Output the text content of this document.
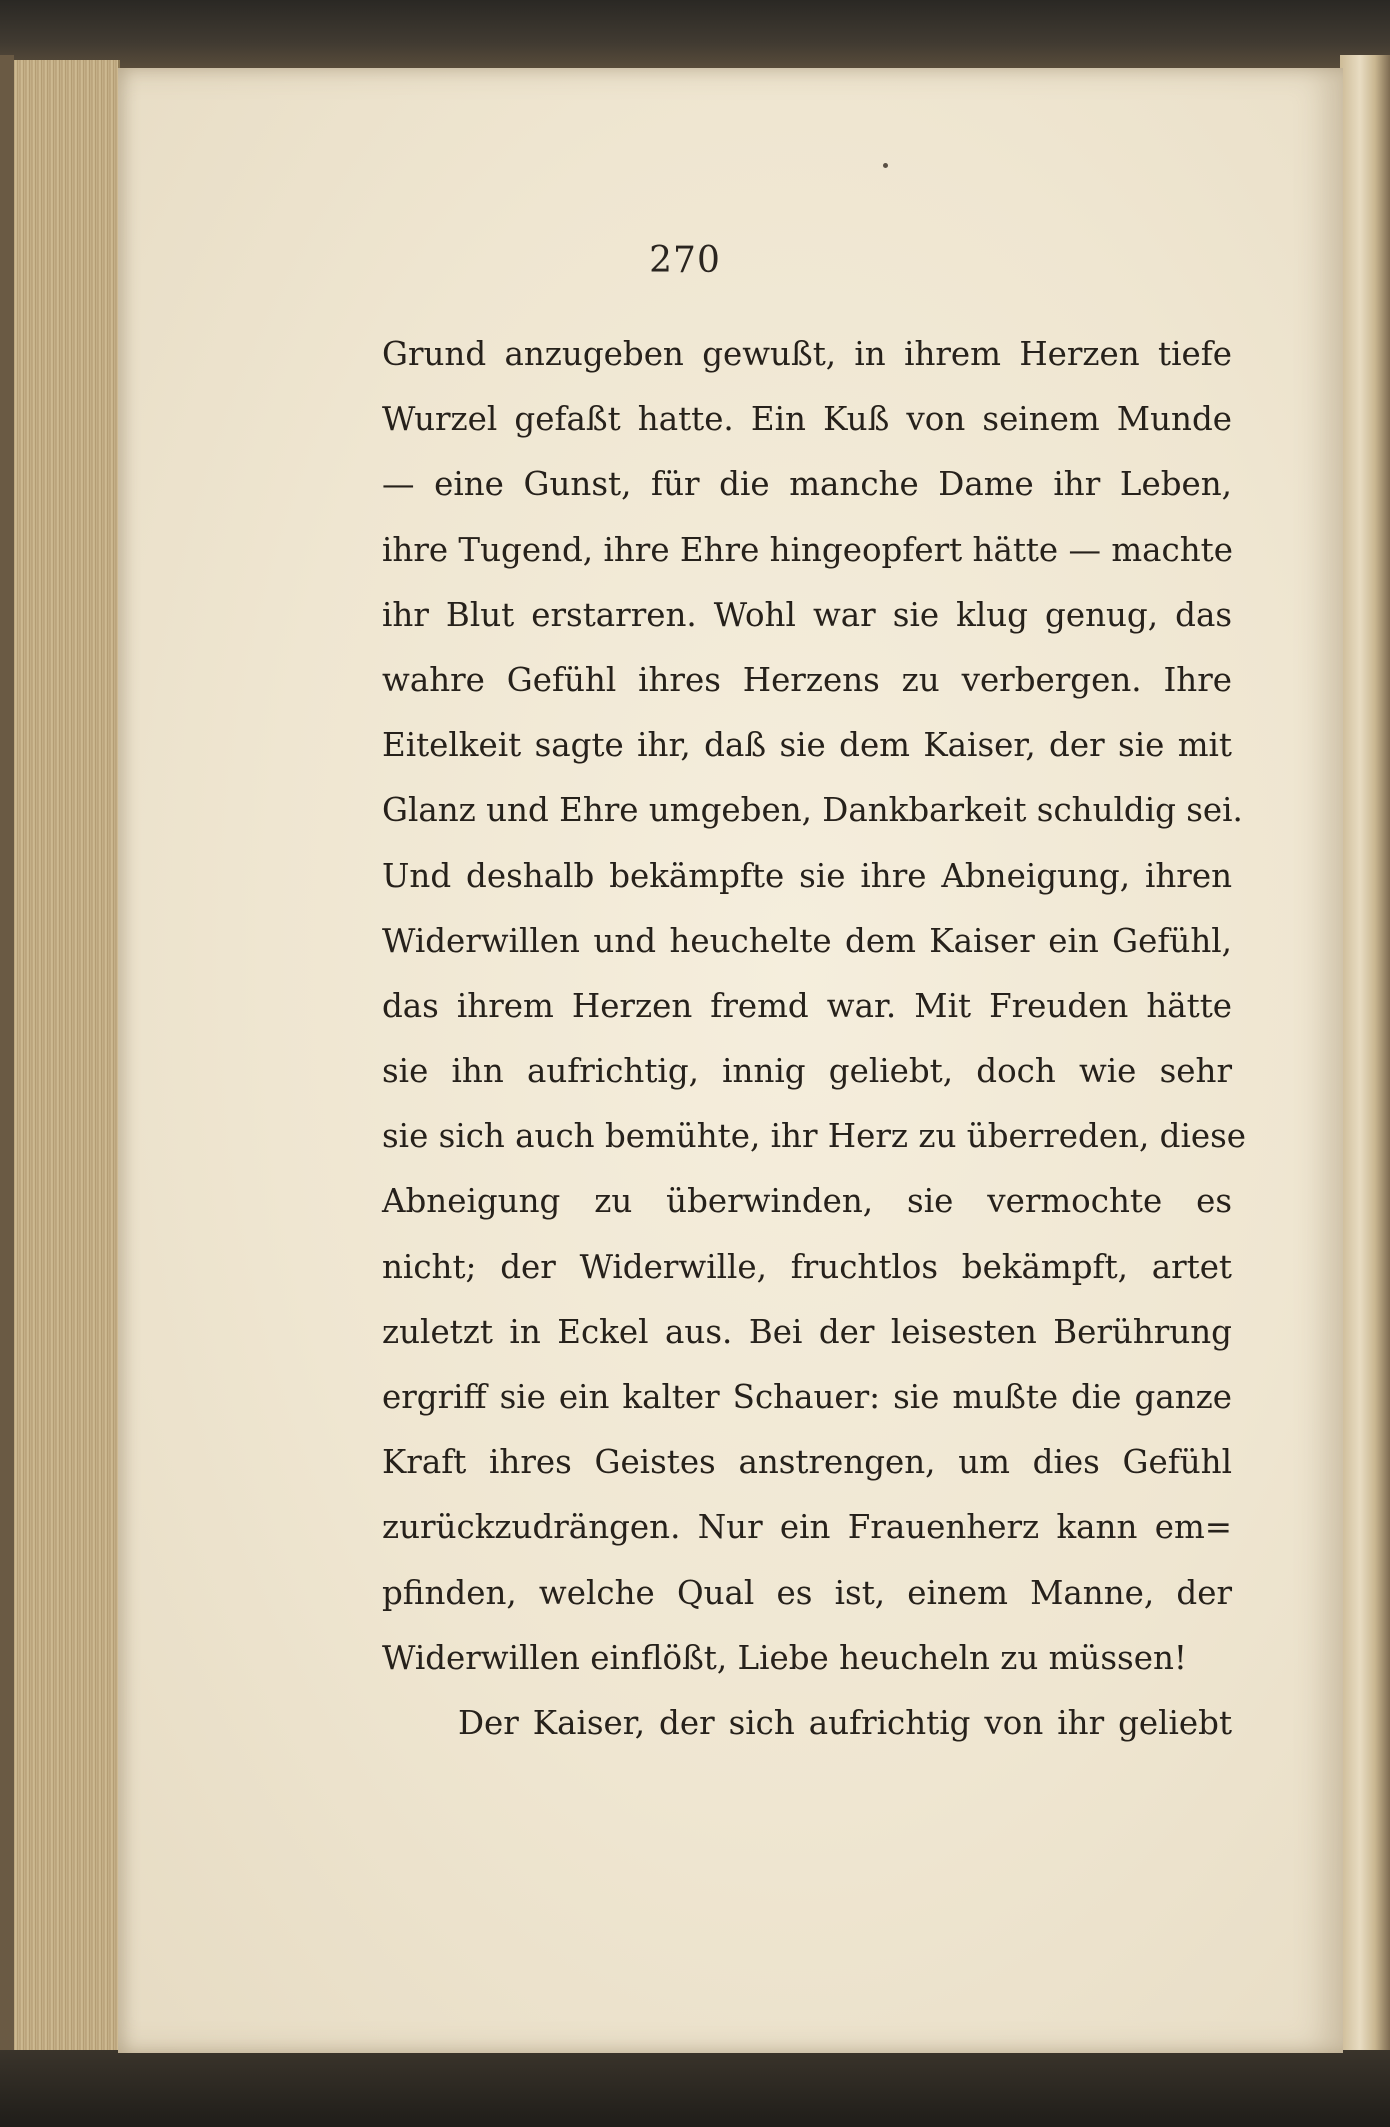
270
Grund anzugeben gewußt, in ihrem Herzen tiefe
Wurzel gefaßt hatte. Ein Kuß von seinem Munde
— eine Gunst, für die manche Dame ihr Leben,
ihre Tugend, ihre Ehre hingeopfert hätte — machte
ihr Blut erstarren. Wohl war sie klug genug, das
wahre Gefühl ihres Herzens zu verbergen. Ihre
Eitelkeit sagte ihr, daß sie dem Kaiser, der sie mit
Glanz und Ehre umgeben, Dankbarkeit schuldig sei.
Und deshalb bekämpfte sie ihre Abneigung, ihren
Widerwillen und heuchelte dem Kaiser ein Gefühl,
das ihrem Herzen fremd war. Mit Freuden hätte
sie ihn aufrichtig, innig geliebt, doch wie sehr
sie sich auch bemühte, ihr Herz zu überreden, diese
Abneigung zu überwinden, sie vermochte es
nicht; der Widerwille, fruchtlos bekämpft, artet
zuletzt in Eckel aus. Bei der leisesten Berührung
ergriff sie ein kalter Schauer: sie mußte die ganze
Kraft ihres Geistes anstrengen, um dies Gefühl
zurückzudrängen. Nur ein Frauenherz kann em=
pfinden, welche Qual es ist, einem Manne, der
Widerwillen einflößt, Liebe heucheln zu müssen!
Der Kaiser, der sich aufrichtig von ihr geliebt
